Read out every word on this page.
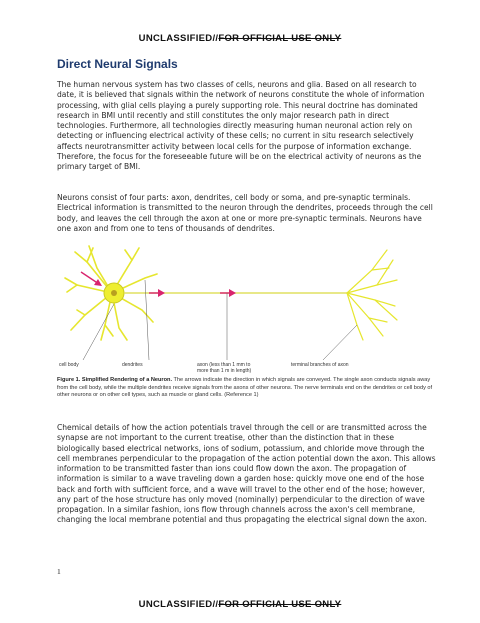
UNCLASSIFIED//FOR OFFICIAL USE ONLY
Direct Neural Signals

The human nervous system has two classes of cells, neurons and glia. Based on all research to date, it is believed that signals within the network of neurons constitute the whole of information processing, with glial cells playing a purely supporting role. This neural doctrine has dominated research in BMI until recently and still constitutes the only major research path in direct technologies. Furthermore, all technologies directly measuring human neuronal action rely on detecting or influencing electrical activity of these cells; no current in situ research selectively affects neurotransmitter activity between local cells for the purpose of information exchange. Therefore, the focus for the foreseeable future will be on the electrical activity of neurons as the primary target of BMI.

Neurons consist of four parts: axon, dendrites, cell body or soma, and pre-synaptic terminals. Electrical information is transmitted to the neuron through the dendrites, proceeds through the cell body, and leaves the cell through the axon at one or more pre-synaptic terminals. Neurons have one axon and from one to tens of thousands of dendrites.

cell body	dendrites	axon (less than 1 mm to
more than 1 m in length)
terminal branches of axon

Figure 1. Simplified Rendering of a Neuron. The arrows indicate the direction in which signals are conveyed. The single axon conducts signals away from the cell body, while the multiple dendrites receive signals from the axons of other neurons. The nerve terminals end on the dendrites or cell body of other neurons or on other cell types, such as muscle or gland cells. (Reference 1)

Chemical details of how the action potentials travel through the cell or are transmitted across the synapse are not important to the current treatise, other than the distinction that in these biologically based electrical networks, ions of sodium, potassium, and chloride move through the cell membranes perpendicular to the propagation of the action potential down the axon. This allows information to be transmitted faster than ions could flow down the axon. The propagation of information is similar to a wave traveling down a garden hose: quickly move one end of the hose back and forth with sufficient force, and a wave will travel to the other end of the hose; however, any part of the hose structure has only moved (nominally) perpendicular to the direction of wave propagation. In a similar fashion, ions flow through channels across the axon's cell membrane, changing the local membrane potential and thus propagating the electrical signal down the axon.

1
UNCLASSIFIED//FOR OFFICIAL USE ONLY
